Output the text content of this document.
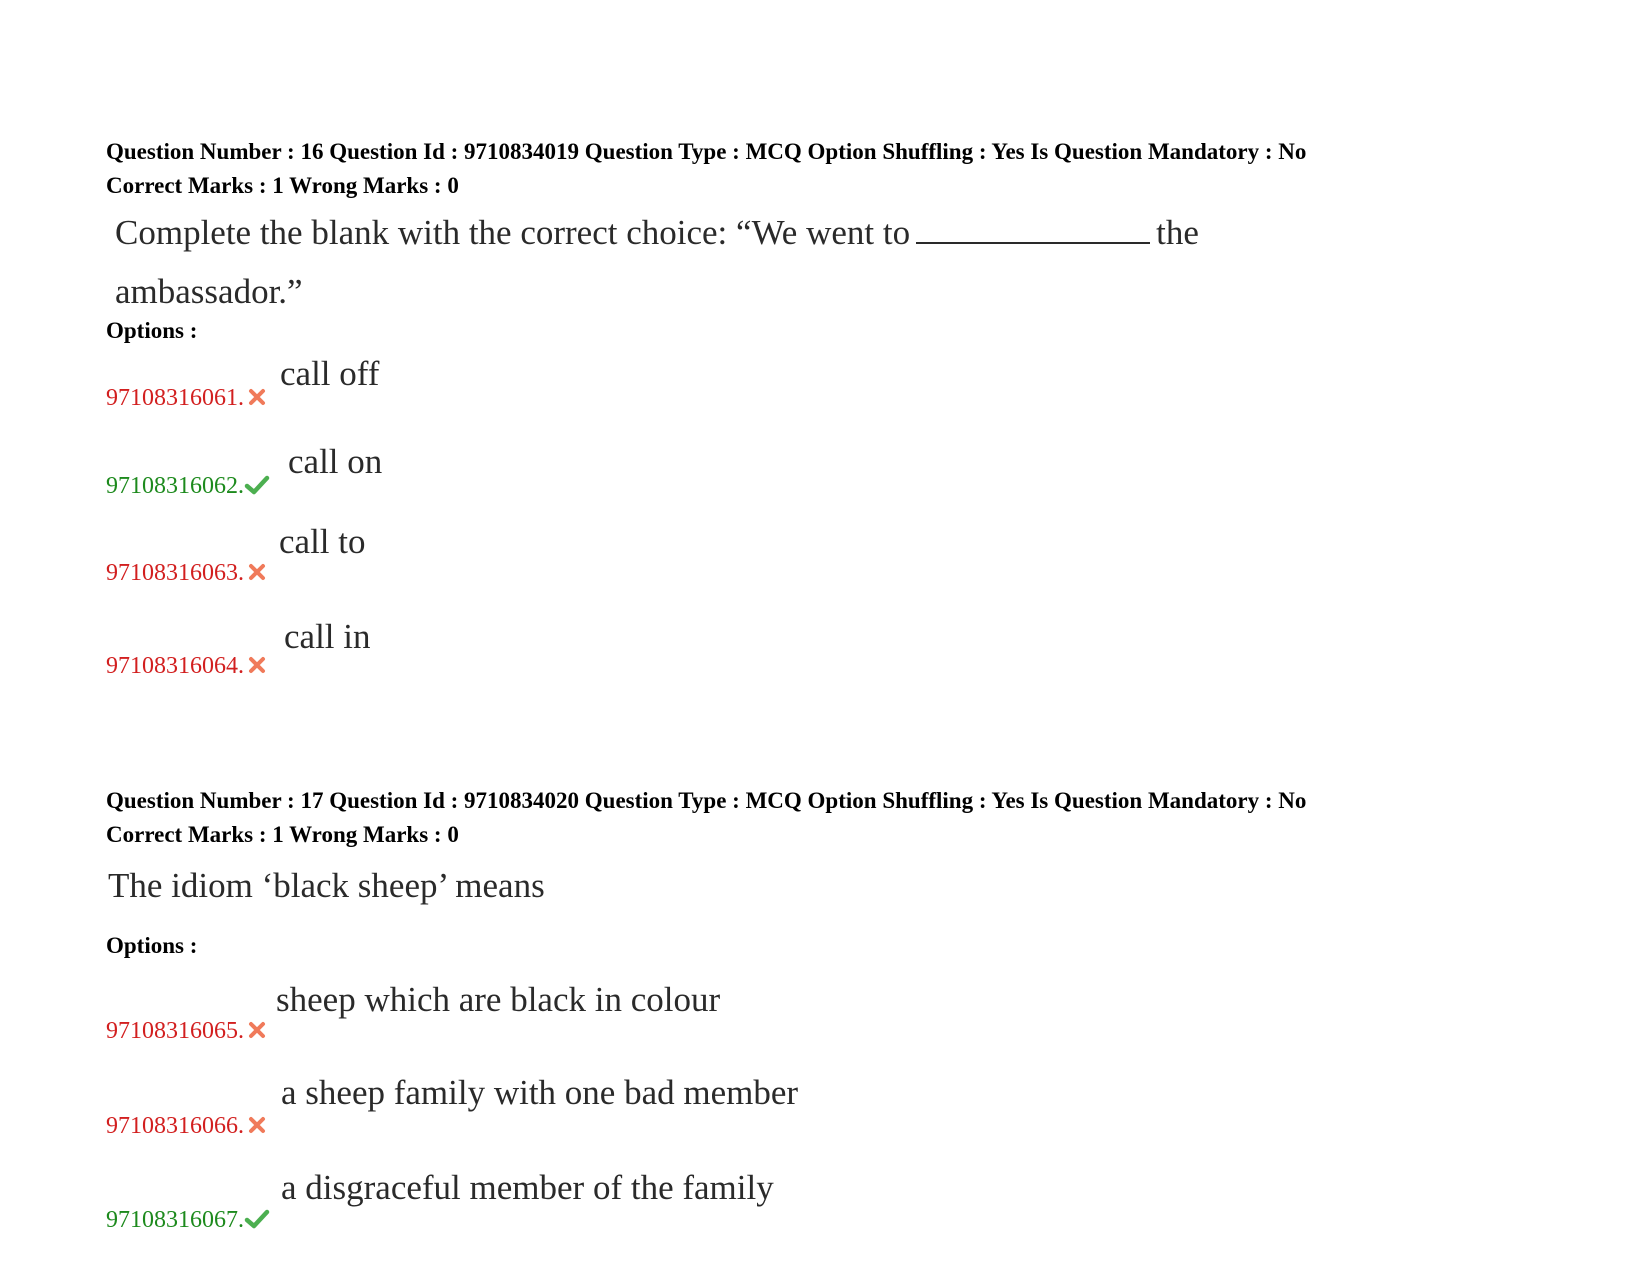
Question Number : 16 Question Id : 9710834019 Question Type : MCQ Option Shuffling : Yes Is Question Mandatory : No
Correct Marks : 1 Wrong Marks : 0
Complete the blank with the correct choice: “We went to	the
ambassador.”
Options :
97108316061.
call off
97108316062.
call on
97108316063.
call to
97108316064.
call in
Question Number : 17 Question Id : 9710834020 Question Type : MCQ Option Shuffling : Yes Is Question Mandatory : No
Correct Marks : 1 Wrong Marks : 0
The idiom ‘black sheep’ means
Options :
97108316065.
sheep which are black in colour
97108316066.
a sheep family with one bad member
97108316067.
a disgraceful member of the family
